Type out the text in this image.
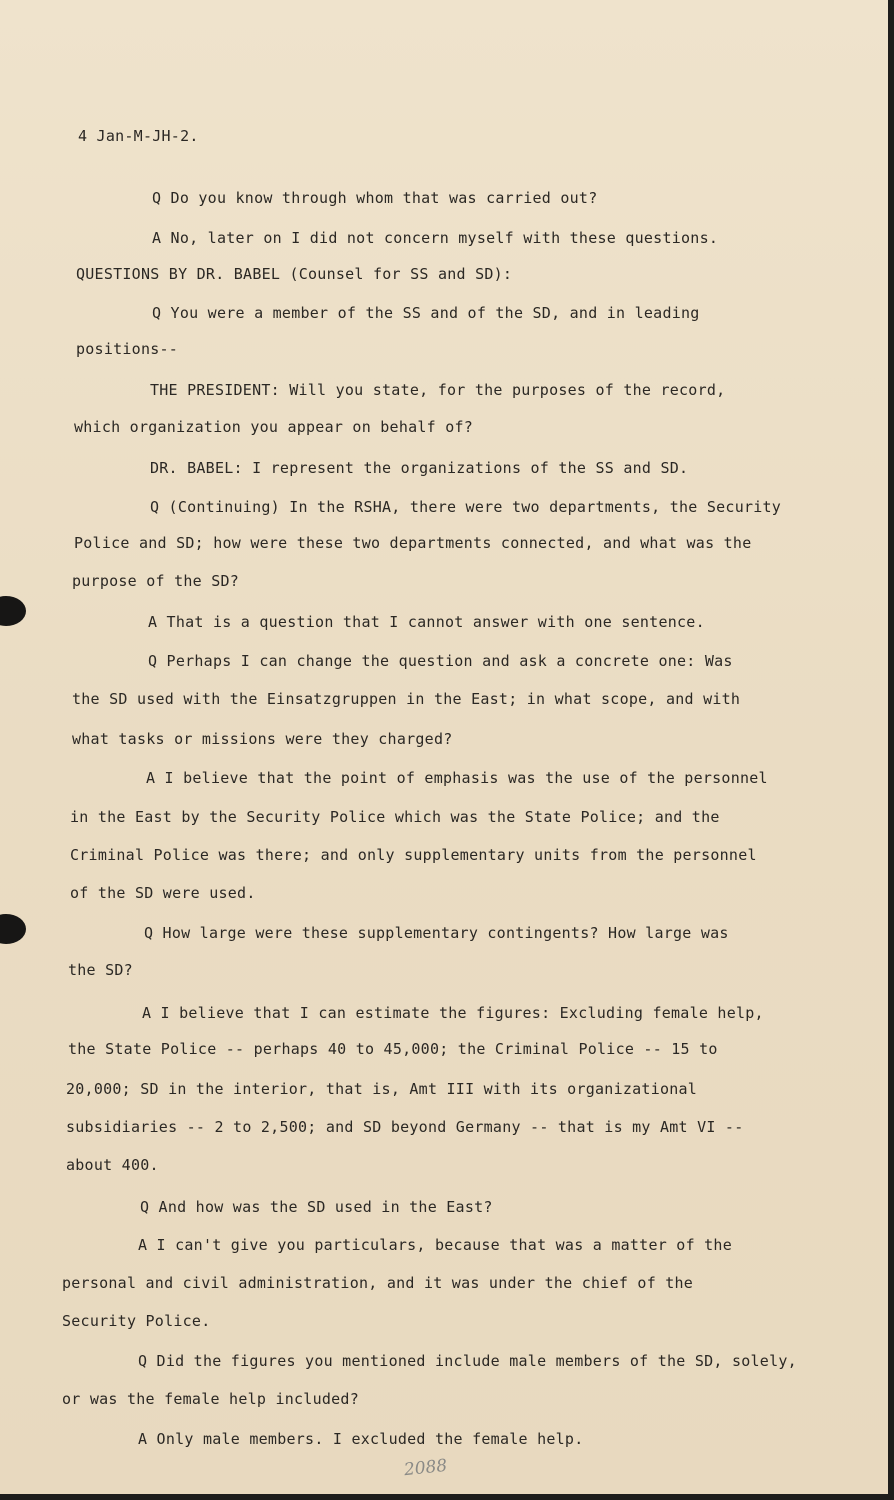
4 Jan-M-JH-2.
Q Do you know through whom that was carried out?
A No, later on I did not concern myself with these questions.
QUESTIONS BY DR. BABEL (Counsel for SS and SD):
Q You were a member of the SS and of the SD, and in leading
positions--
THE PRESIDENT: Will you state, for the purposes of the record,
which organization you appear on behalf of?
DR. BABEL: I represent the organizations of the SS and SD.
Q (Continuing) In the RSHA, there were two departments, the Security
Police and SD; how were these two departments connected, and what was the
purpose of the SD?
A That is a question that I cannot answer with one sentence.
Q Perhaps I can change the question and ask a concrete one: Was
the SD used with the Einsatzgruppen in the East; in what scope, and with
what tasks or missions were they charged?
A I believe that the point of emphasis was the use of the personnel
in the East by the Security Police which was the State Police; and the
Criminal Police was there; and only supplementary units from the personnel
of the SD were used.
Q How large were these supplementary contingents? How large was
the SD?
A I believe that I can estimate the figures: Excluding female help,
the State Police -- perhaps 40 to 45,000; the Criminal Police -- 15 to
20,000; SD in the interior, that is, Amt III with its organizational
subsidiaries -- 2 to 2,500; and SD beyond Germany -- that is my Amt VI --
about 400.
Q And how was the SD used in the East?
A I can't give you particulars, because that was a matter of the
personal and civil administration, and it was under the chief of the
Security Police.
Q Did the figures you mentioned include male members of the SD, solely,
or was the female help included?
A Only male members. I excluded the female help.
2088
